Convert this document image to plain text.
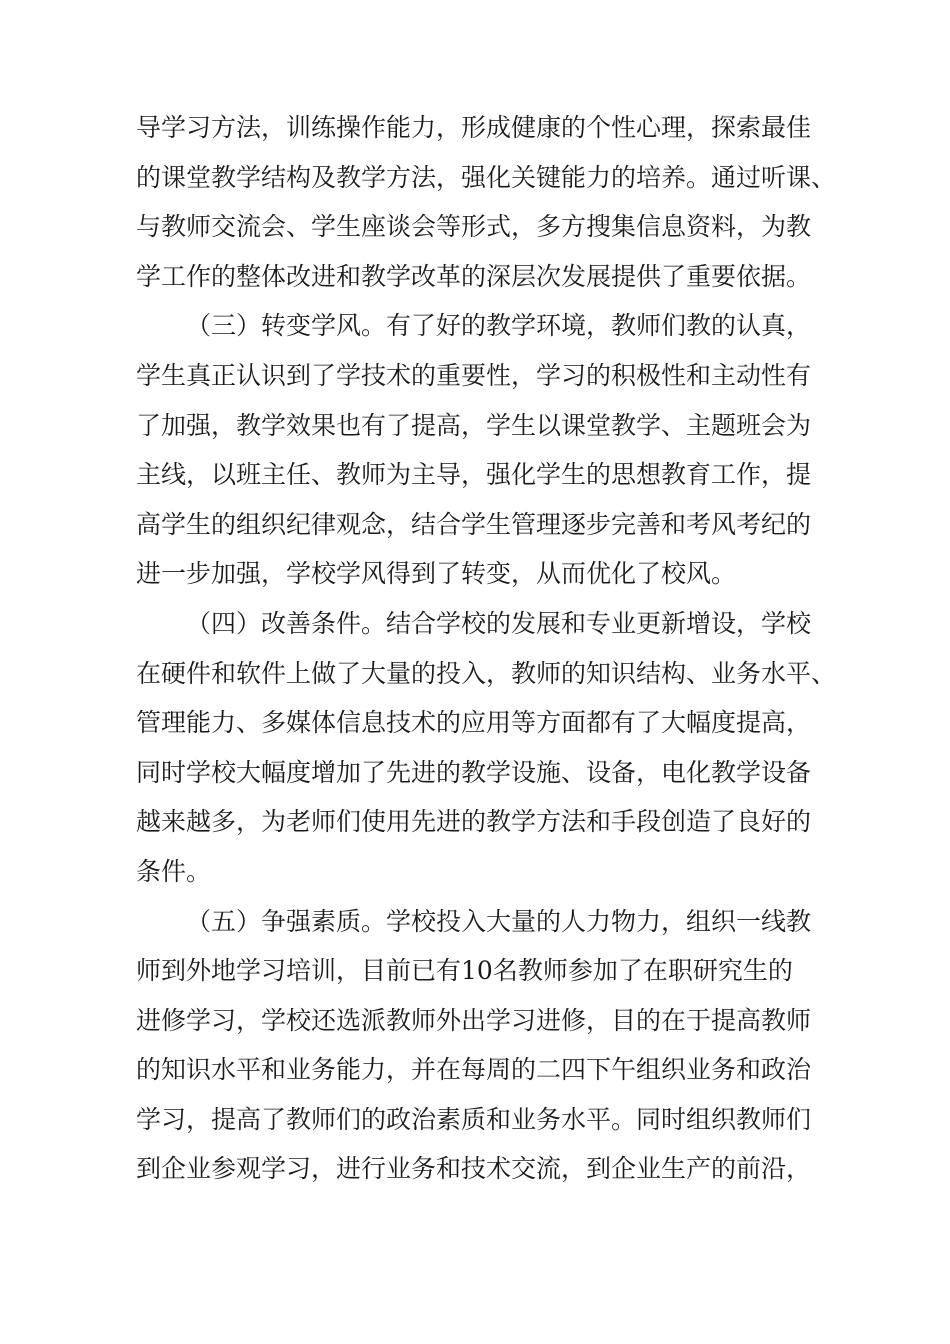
导学习方法，训练操作能力，形成健康的个性心理，探索最佳
的课堂教学结构及教学方法，强化关键能力的培养。通过听课、
与教师交流会、学生座谈会等形式，多方搜集信息资料，为教
学工作的整体改进和教学改革的深层次发展提供了重要依据。
（三）转变学风。有了好的教学环境，教师们教的认真，
学生真正认识到了学技术的重要性，学习的积极性和主动性有
了加强，教学效果也有了提高，学生以课堂教学、主题班会为
主线，以班主任、教师为主导，强化学生的思想教育工作，提
高学生的组织纪律观念，结合学生管理逐步完善和考风考纪的
进一步加强，学校学风得到了转变，从而优化了校风。
（四）改善条件。结合学校的发展和专业更新增设，学校
在硬件和软件上做了大量的投入，教师的知识结构、业务水平、
管理能力、多媒体信息技术的应用等方面都有了大幅度提高，
同时学校大幅度增加了先进的教学设施、设备，电化教学设备
越来越多，为老师们使用先进的教学方法和手段创造了良好的
条件。
（五）争强素质。学校投入大量的人力物力，组织一线教
师到外地学习培训，目前已有10名教师参加了在职研究生的
进修学习，学校还选派教师外出学习进修，目的在于提高教师
的知识水平和业务能力，并在每周的二四下午组织业务和政治
学习，提高了教师们的政治素质和业务水平。同时组织教师们
到企业参观学习，进行业务和技术交流，到企业生产的前沿，
